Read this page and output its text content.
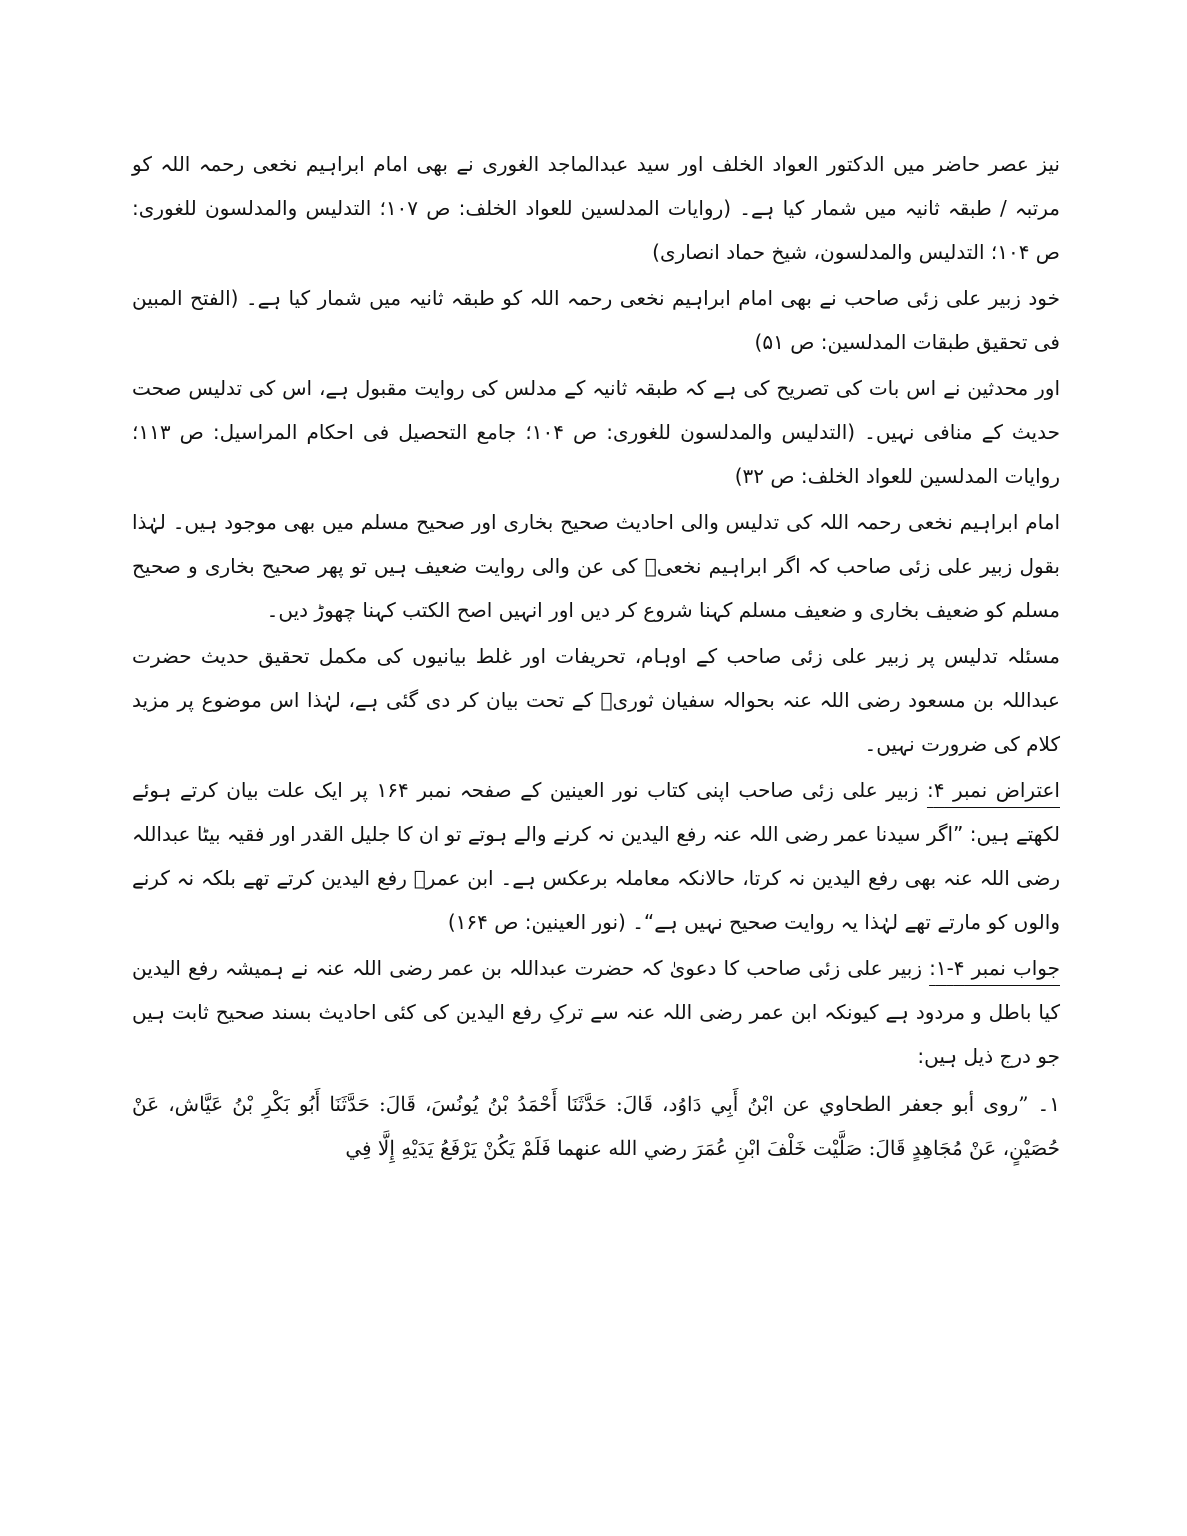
نیز عصر حاضر میں الدکتور العواد الخلف اور سید عبدالماجد الغوری نے بھی امام ابراہیم نخعی رحمہ اللہ کو مرتبہ / طبقہ ثانیہ میں شمار کیا ہے۔ (روایات المدلسین للعواد الخلف: ص ۱۰۷؛ التدلیس والمدلسون للغوری: ص ۱۰۴؛ التدلیس والمدلسون، شیخ حماد انصاری)

خود زبیر علی زئی صاحب نے بھی امام ابراہیم نخعی رحمہ اللہ کو طبقہ ثانیہ میں شمار کیا ہے۔ (الفتح المبین فی تحقیق طبقات المدلسین: ص ۵۱)

اور محدثین نے اس بات کی تصریح کی ہے کہ طبقہ ثانیہ کے مدلس کی روایت مقبول ہے، اس کی تدلیس صحت حدیث کے منافی نہیں۔ (التدلیس والمدلسون للغوری: ص ۱۰۴؛ جامع التحصیل فی احکام المراسیل: ص ۱۱۳؛ روایات المدلسین للعواد الخلف: ص ۳۲)

امام ابراہیم نخعی رحمہ اللہ کی تدلیس والی احادیث صحیح بخاری اور صحیح مسلم میں بھی موجود ہیں۔ لہٰذا بقول زبیر علی زئی صاحب کہ اگر ابراہیم نخعیؒ کی عن والی روایت ضعیف ہیں تو پھر صحیح بخاری و صحیح مسلم کو ضعیف بخاری و ضعیف مسلم کہنا شروع کر دیں اور انہیں اصح الکتب کہنا چھوڑ دیں۔

مسئلہ تدلیس پر زبیر علی زئی صاحب کے اوہام، تحریفات اور غلط بیانیوں کی مکمل تحقیق حدیث حضرت عبداللہ بن مسعود رضی اللہ عنہ بحوالہ سفیان ثوریؒ کے تحت بیان کر دی گئی ہے، لہٰذا اس موضوع پر مزید کلام کی ضرورت نہیں۔

اعتراض نمبر ۴: زبیر علی زئی صاحب اپنی کتاب نور العینین کے صفحہ نمبر ۱۶۴ پر ایک علت بیان کرتے ہوئے لکھتے ہیں: ”اگر سیدنا عمر رضی اللہ عنہ رفع الیدین نہ کرنے والے ہوتے تو ان کا جلیل القدر اور فقیہ بیٹا عبداللہ رضی اللہ عنہ بھی رفع الیدین نہ کرتا، حالانکہ معاملہ برعکس ہے۔ ابن عمرؓ رفع الیدین کرتے تھے بلکہ نہ کرنے والوں کو مارتے تھے لہٰذا یہ روایت صحیح نہیں ہے“۔ (نور العینین: ص ۱۶۴)

جواب نمبر ۴-۱: زبیر علی زئی صاحب کا دعویٰ کہ حضرت عبداللہ بن عمر رضی اللہ عنہ نے ہمیشہ رفع الیدین کیا باطل و مردود ہے کیونکہ ابن عمر رضی اللہ عنہ سے ترکِ رفع الیدین کی کئی احادیث بسند صحیح ثابت ہیں جو درج ذیل ہیں:

۱۔ ”روى أبو جعفر الطحاوي عن ابْنُ أَبِي دَاوُد، قَالَ: حَدَّثَنَا أَحْمَدُ بْنُ يُونُسَ، قَالَ: حَدَّثَنَا أَبُو بَكْرِ بْنُ عَيَّاش، عَنْ حُصَيْنٍ، عَنْ مُجَاهِدٍ قَالَ: صَلَّيْت خَلْفَ ابْنِ عُمَرَ رضي الله عنهما فَلَمْ يَكُنْ يَرْفَعُ يَدَيْهِ إِلَّا فِي
